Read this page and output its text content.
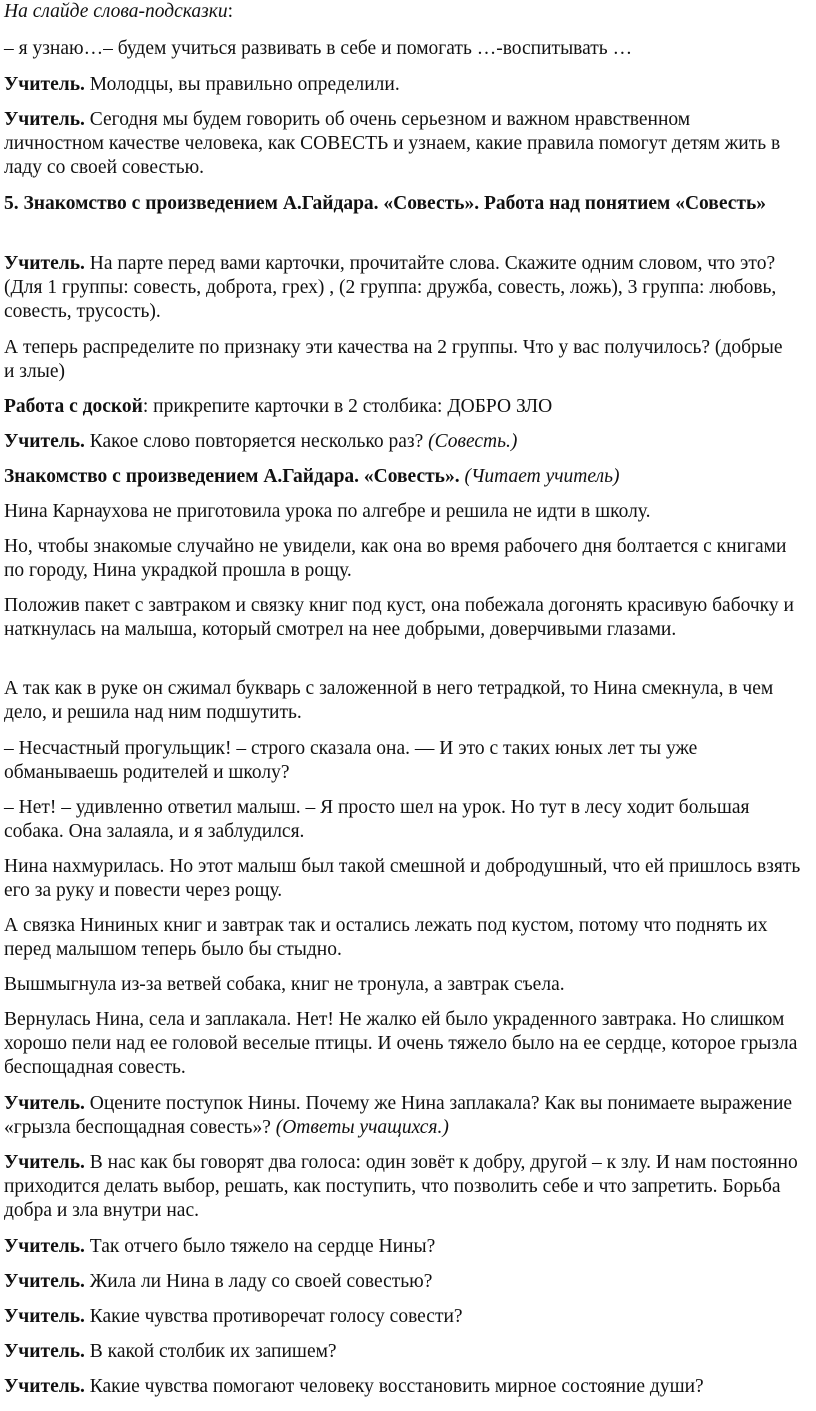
На слайде слова-подсказки:

– я узнаю…– будем учиться развивать в себе и помогать …-воспитывать …

Учитель. Молодцы, вы правильно определили.

Учитель. Сегодня мы будем говорить об очень серьезном и важном нравственном личностном качестве человека, как СОВЕСТЬ и узнаем, какие правила помогут детям жить в ладу со своей совестью.

5. Знакомство с произведением А.Гайдара. «Совесть». Работа над понятием «Совесть»

Учитель. На парте перед вами карточки, прочитайте слова. Скажите одним словом, что это? (Для 1 группы: совесть, доброта, грех) , (2 группа: дружба, совесть, ложь), 3 группа: любовь, совесть, трусость).

А теперь распределите по признаку эти качества на 2 группы. Что у вас получилось? (добрые и злые)

Работа с доской: прикрепите карточки в 2 столбика: ДОБРО ЗЛО

Учитель. Какое слово повторяется несколько раз? (Совесть.)

Знакомство с произведением А.Гайдара. «Совесть». (Читает учитель)

Нина Карнаухова не приготовила урока по алгебре и решила не идти в школу.

Но, чтобы знакомые случайно не увидели, как она во время рабочего дня болтается с книгами по городу, Нина украдкой прошла в рощу.

Положив пакет с завтраком и связку книг под куст, она побежала догонять красивую бабочку и наткнулась на малыша, который смотрел на нее добрыми, доверчивыми глазами.

А так как в руке он сжимал букварь с заложенной в него тетрадкой, то Нина смекнула, в чем дело, и решила над ним подшутить.

– Несчастный прогульщик! – строго сказала она. — И это с таких юных лет ты уже обманываешь родителей и школу?

– Нет! – удивленно ответил малыш. – Я просто шел на урок. Но тут в лесу ходит большая собака. Она залаяла, и я заблудился.

Нина нахмурилась. Но этот малыш был такой смешной и добродушный, что ей пришлось взять его за руку и повести через рощу.

А связка Нининых книг и завтрак так и остались лежать под кустом, потому что поднять их перед малышом теперь было бы стыдно.

Вышмыгнула из-за ветвей собака, книг не тронула, а завтрак съела.

Вернулась Нина, села и заплакала. Нет! Не жалко ей было украденного завтрака. Но слишком хорошо пели над ее головой веселые птицы. И очень тяжело было на ее сердце, которое грызла беспощадная совесть.

Учитель. Оцените поступок Нины. Почему же Нина заплакала? Как вы понимаете выражение «грызла беспощадная совесть»? (Ответы учащихся.)

Учитель. В нас как бы говорят два голоса: один зовёт к добру, другой – к злу. И нам постоянно приходится делать выбор, решать, как поступить, что позволить себе и что запретить. Борьба добра и зла внутри нас.

Учитель. Так отчего было тяжело на сердце Нины?

Учитель. Жила ли Нина в ладу со своей совестью?

Учитель. Какие чувства противоречат голосу совести?

Учитель. В какой столбик их запишем?

Учитель. Какие чувства помогают человеку восстановить мирное состояние души?
